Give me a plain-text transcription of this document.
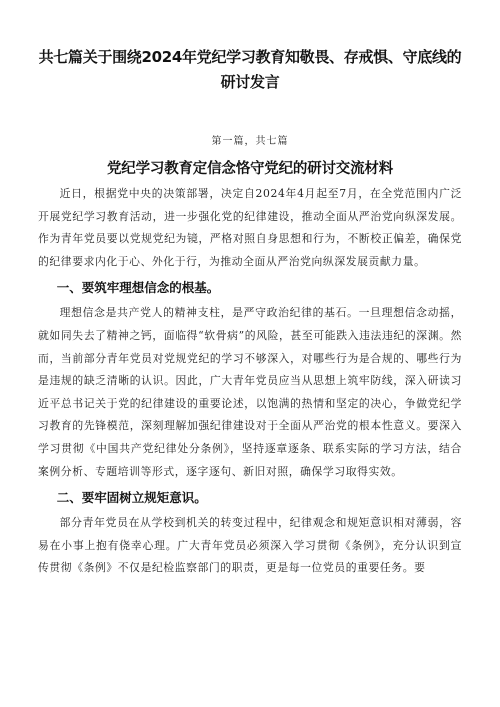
共七篇关于围绕2024年党纪学习教育知敬畏、存戒惧、守底线的
研讨发言
第一篇，共七篇
党纪学习教育定信念恪守党纪的研讨交流材料

近日，根据党中央的决策部署，决定自2024年4月起至7月，在全党范围内广泛开展党纪学习教育活动，进一步强化党的纪律建设，推动全面从严治党向纵深发展。作为青年党员要以党规党纪为镜，严格对照自身思想和行为，不断校正偏差，确保党的纪律要求内化于心、外化于行，为推动全面从严治党向纵深发展贡献力量。

一、要筑牢理想信念的根基。

理想信念是共产党人的精神支柱，是严守政治纪律的基石。一旦理想信念动摇，就如同失去了精神之钙，面临得“软骨病”的风险，甚至可能跌入违法违纪的深渊。然而，当前部分青年党员对党规党纪的学习不够深入，对哪些行为是合规的、哪些行为是违规的缺乏清晰的认识。因此，广大青年党员应当从思想上筑牢防线，深入研读习近平总书记关于党的纪律建设的重要论述，以饱满的热情和坚定的决心，争做党纪学习教育的先锋模范，深刻理解加强纪律建设对于全面从严治党的根本性意义。要深入学习贯彻《中国共产党纪律处分条例》，坚持逐章逐条、联系实际的学习方法，结合案例分析、专题培训等形式，逐字逐句、新旧对照，确保学习取得实效。

二、要牢固树立规矩意识。

部分青年党员在从学校到机关的转变过程中，纪律观念和规矩意识相对薄弱，容易在小事上抱有侥幸心理。广大青年党员必须深入学习贯彻《条例》，充分认识到宣传贯彻《条例》不仅是纪检监察部门的职责，更是每一位党员的重要任务。要
